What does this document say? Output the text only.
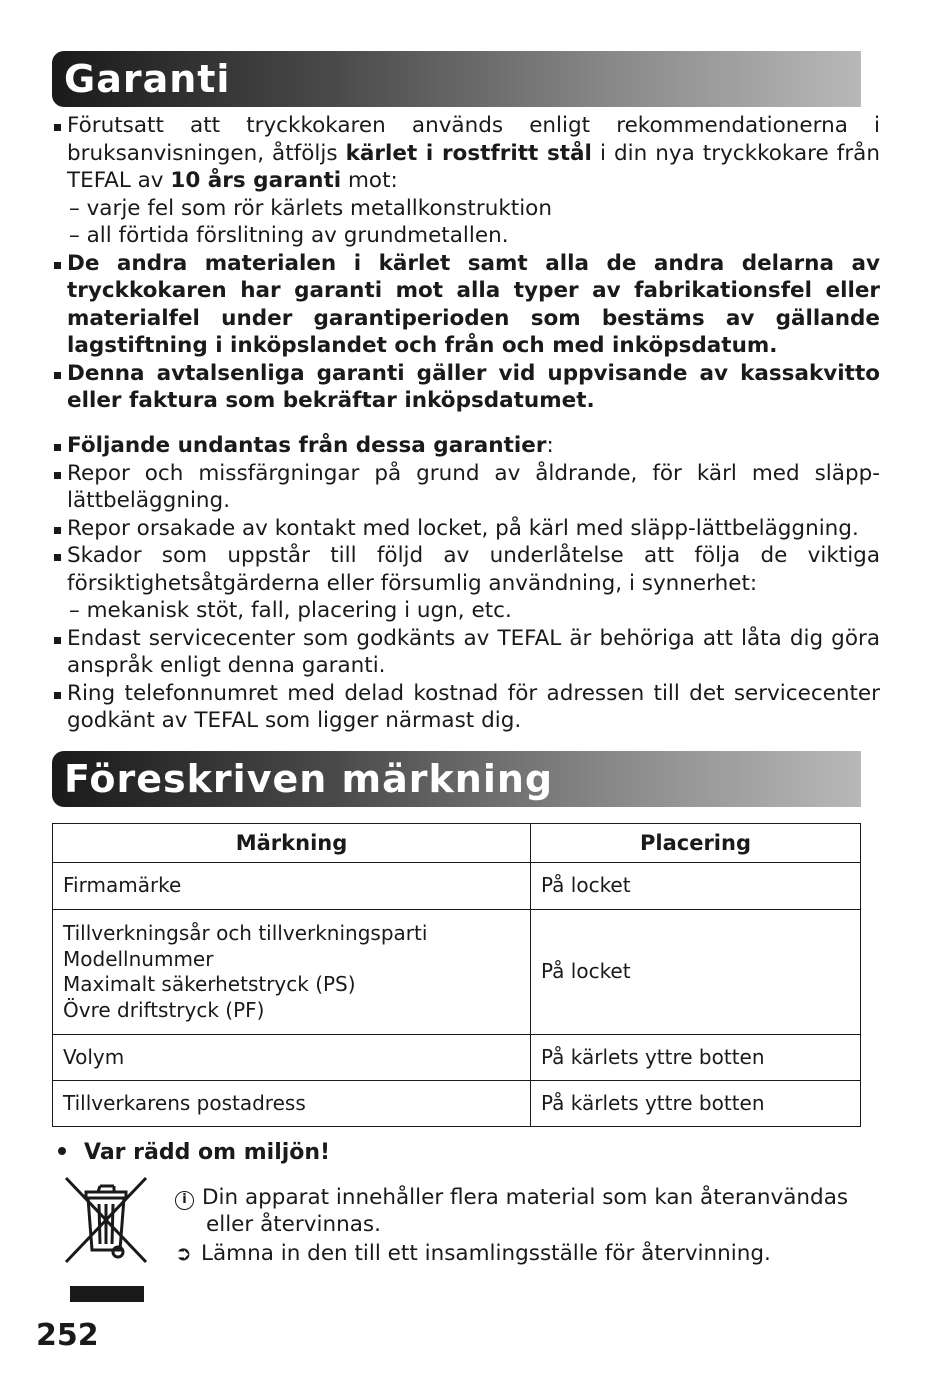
Garanti
Förutsatt att tryckkokaren används enligt rekommendationerna i bruksanvisningen, åtföljs kärlet i rostfritt stål i din nya tryckkokare från TEFAL av 10 års garanti mot:
– varje fel som rör kärlets metallkonstruktion
– all förtida förslitning av grundmetallen.
De andra materialen i kärlet samt alla de andra delarna av tryckkokaren har garanti mot alla typer av fabrikationsfel eller materialfel under garantiperioden som bestäms av gällande lagstiftning i inköpslandet och från och med inköpsdatum.
Denna avtalsenliga garanti gäller vid uppvisande av kassakvitto eller faktura som bekräftar inköpsdatumet.
Följande undantas från dessa garantier:
Repor och missfärgningar på grund av åldrande, för kärl med släpp-lättbeläggning.
Repor orsakade av kontakt med locket, på kärl med släpp-lättbeläggning.
Skador som uppstår till följd av underlåtelse att följa de viktiga försiktighetsåtgärderna eller försumlig användning, i synnerhet:
– mekanisk stöt, fall, placering i ugn, etc.
Endast servicecenter som godkänts av TEFAL är behöriga att låta dig göra anspråk enligt denna garanti.
Ring telefonnumret med delad kostnad för adressen till det servicecenter godkänt av TEFAL som ligger närmast dig.
Föreskriven märkning
Märkning	Placering

Firmamärke	På locket

Tillverkningsår och tillverkningsparti
Modellnummer
Maximalt säkerhetstryck (PS)
Övre driftstryck (PF)	På locket

Volym	På kärlets yttre botten

Tillverkarens postadress	På kärlets yttre botten
Var rädd om miljön!
i Din apparat innehåller flera material som kan återanvändas
eller återvinnas.
➲ Lämna in den till ett insamlingsställe för återvinning.
252
